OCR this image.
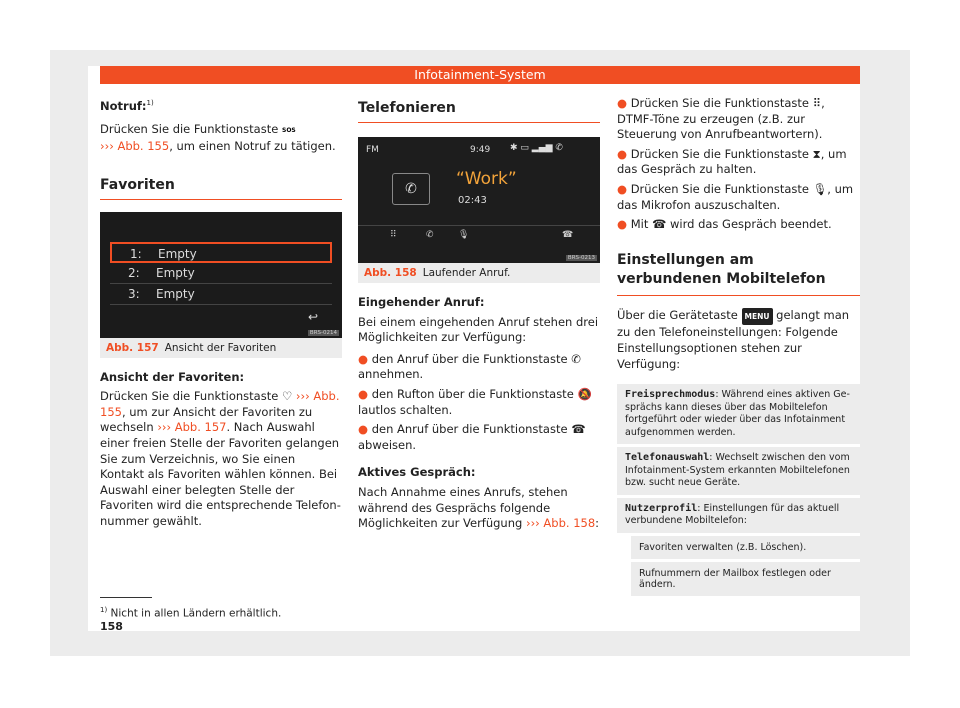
Infotainment-System

Notruf:$^{1)}$

Drücken Sie die Funktionstaste SOS

››› Abb. 155, um einen Notruf zu tätigen.

Favoriten
1: Empty
2: Empty
3: Empty
↩
BRS-0214
Abb. 157 Ansicht der Favoriten

Ansicht der Favoriten:

Drücken Sie die Funktionstaste ♡ ››› Abb. 155, um zur Ansicht der Favoriten zu wechseln ››› Abb. 157. Nach Auswahl einer freien Stelle der Favoriten gelangen Sie zum Verzeichnis, wo Sie einen Kontakt als Favoriten wählen können. Bei Auswahl einer belegten Stelle der Favoriten wird die entsprechende Telefonnummer gewählt.

Telefonieren
FM	9:49 ✱ ▭ ▂▄▆ ✆
✆	“Work”
02:43
⠿	✆	🎙	☎
BRS-0213
Abb. 158 Laufender Anruf.

Eingehender Anruf:

Bei einem eingehenden Anruf stehen drei Möglichkeiten zur Verfügung:

● den Anruf über die Funktionstaste ✆ annehmen.

● den Rufton über die Funktionstaste 🔕 lautlos schalten.

● den Anruf über die Funktionstaste ☎ abweisen.

Aktives Gespräch:

Nach Annahme eines Anrufs, stehen während des Gesprächs folgende Möglichkeiten zur Verfügung ››› Abb. 158:

● Drücken Sie die Funktionstaste ⠿, DTMF-Töne zu erzeugen (z.B. zur Steuerung von Anrufbeantwortern).

● Drücken Sie die Funktionstaste ⧗, um das Gespräch zu halten.

● Drücken Sie die Funktionstaste 🎙, um das Mikrofon auszuschalten.

● Mit ☎ wird das Gespräch beendet.

Einstellungen am verbundenen Mobiltelefon

Über die Gerätetaste MENU gelangt man zu den Telefoneinstellungen: Folgende Einstellungsoptionen stehen zur Verfügung:

Freisprechmodus: Während eines aktiven Gesprächs kann dieses über das Mobiltelefon fortgeführt oder wieder über das Infotainment aufgenommen werden.
Telefonauswahl: Wechselt zwischen den vom Infotainment-System erkannten Mobiltelefonen bzw. sucht neue Geräte.
Nutzerprofil: Einstellungen für das aktuell verbundene Mobiltelefon:
Favoriten verwalten (z.B. Löschen).
Rufnummern der Mailbox festlegen oder ändern.
$^{1)}$ Nicht in allen Ländern erhältlich.
158
